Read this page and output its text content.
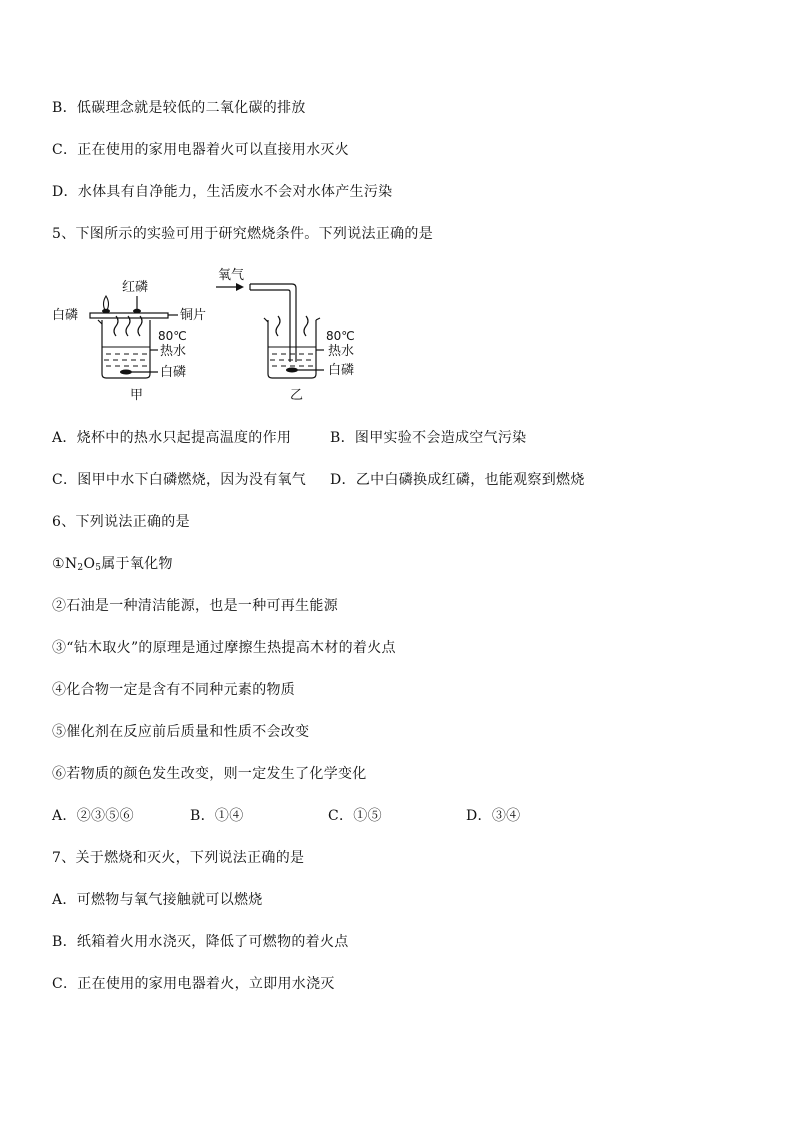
B．低碳理念就是较低的二氧化碳的排放
C．正在使用的家用电器着火可以直接用水灭火
D．水体具有自净能力，生活废水不会对水体产生污染
5、下图所示的实验可用于研究燃烧条件。下列说法正确的是
红磷
白磷	铜片
80℃
热水
白磷
甲
氧气
80℃
热水
白磷
乙
A．烧杯中的热水只起提高温度的作用	B．图甲实验不会造成空气污染
C．图甲中水下白磷燃烧，因为没有氧气 D．乙中白磷换成红磷，也能观察到燃烧
6、下列说法正确的是
$①N_2O_5$属于氧化物
②石油是一种清洁能源，也是一种可再生能源
③“钻木取火”的原理是通过摩擦生热提高木材的着火点
④化合物一定是含有不同种元素的物质
⑤催化剂在反应前后质量和性质不会改变
⑥若物质的颜色发生改变，则一定发生了化学变化
A．②③⑤⑥	B．①④	C．①⑤	D．③④
7、关于燃烧和灭火，下列说法正确的是
A．可燃物与氧气接触就可以燃烧
B．纸箱着火用水浇灭，降低了可燃物的着火点
C．正在使用的家用电器着火，立即用水浇灭
